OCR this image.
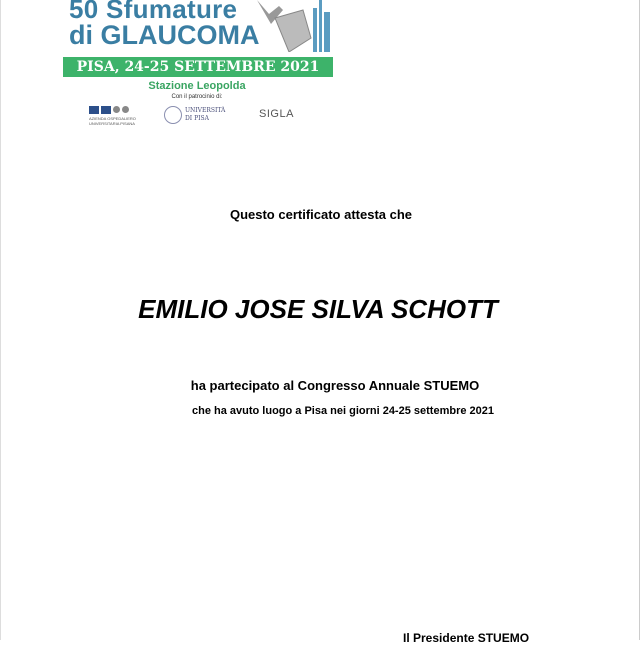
50 Sfumature
di GLAUCOMA
PISA, 24-25 SETTEMBRE 2021
Stazione Leopolda
Con il patrocinio di:
AZIENDA OSPEDALIERO UNIVERSITARIA PISANA
UNIVERSITÀ
DI PISA	SIGLA
Questo certificato attesta che
EMILIO JOSE SILVA SCHOTT
ha partecipato al Congresso Annuale STUEMO
che ha avuto luogo a Pisa nei giorni 24-25 settembre 2021
Il Presidente STUEMO
